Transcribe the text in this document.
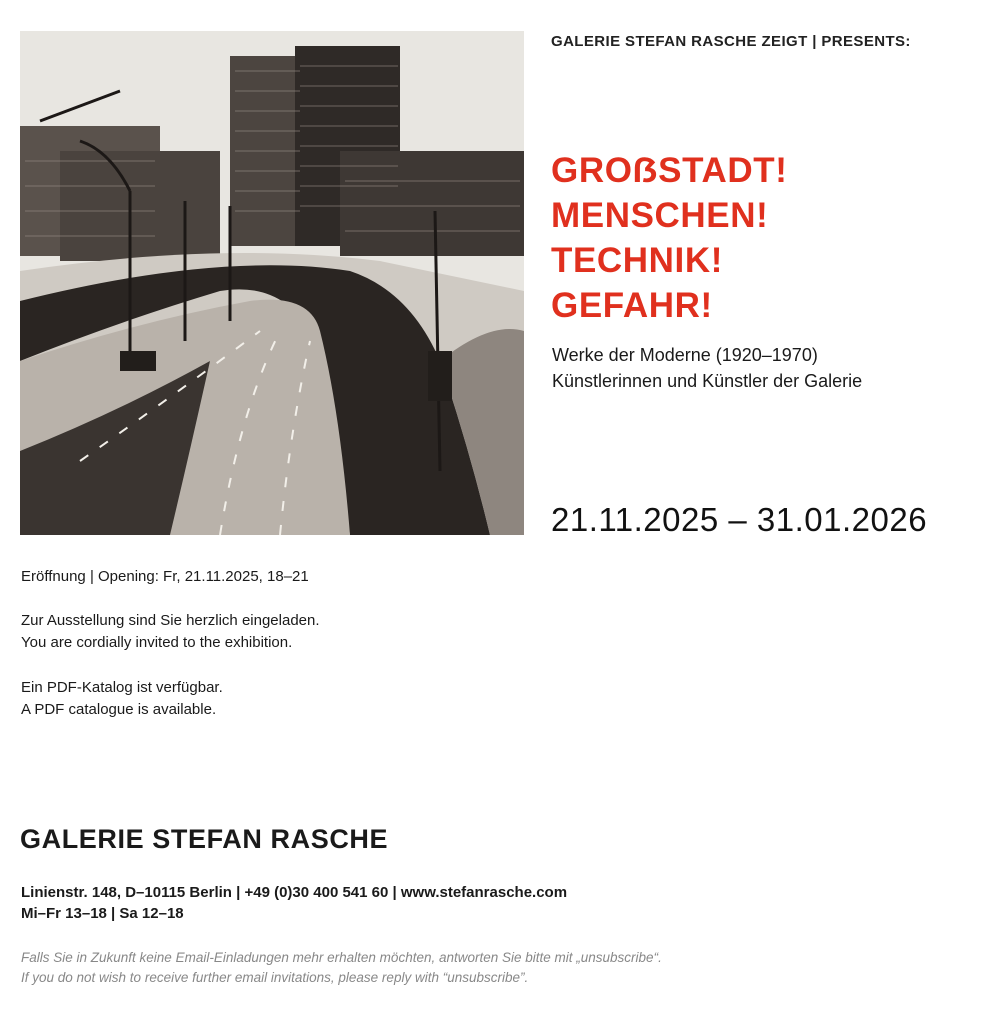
GALERIE STEFAN RASCHE ZEIGT | PRESENTS:
GROẞSTADT!
MENSCHEN!
TECHNIK!
GEFAHR!
Werke der Moderne (1920–1970)
Künstlerinnen und Künstler der Galerie
21.11.2025 – 31.01.2026
Eröffnung | Opening: Fr, 21.11.2025, 18–21
Zur Ausstellung sind Sie herzlich eingeladen.
You are cordially invited to the exhibition.
Ein PDF-Katalog ist verfügbar.
A PDF catalogue is available.
GALERIE STEFAN RASCHE
Linienstr. 148, D–10115 Berlin | +49 (0)30 400 541 60 | www.stefanrasche.com
Mi–Fr 13–18 | Sa 12–18
Falls Sie in Zukunft keine Email-Einladungen mehr erhalten möchten, antworten Sie bitte mit „unsubscribe“.
If you do not wish to receive further email invitations, please reply with “unsubscribe”.
